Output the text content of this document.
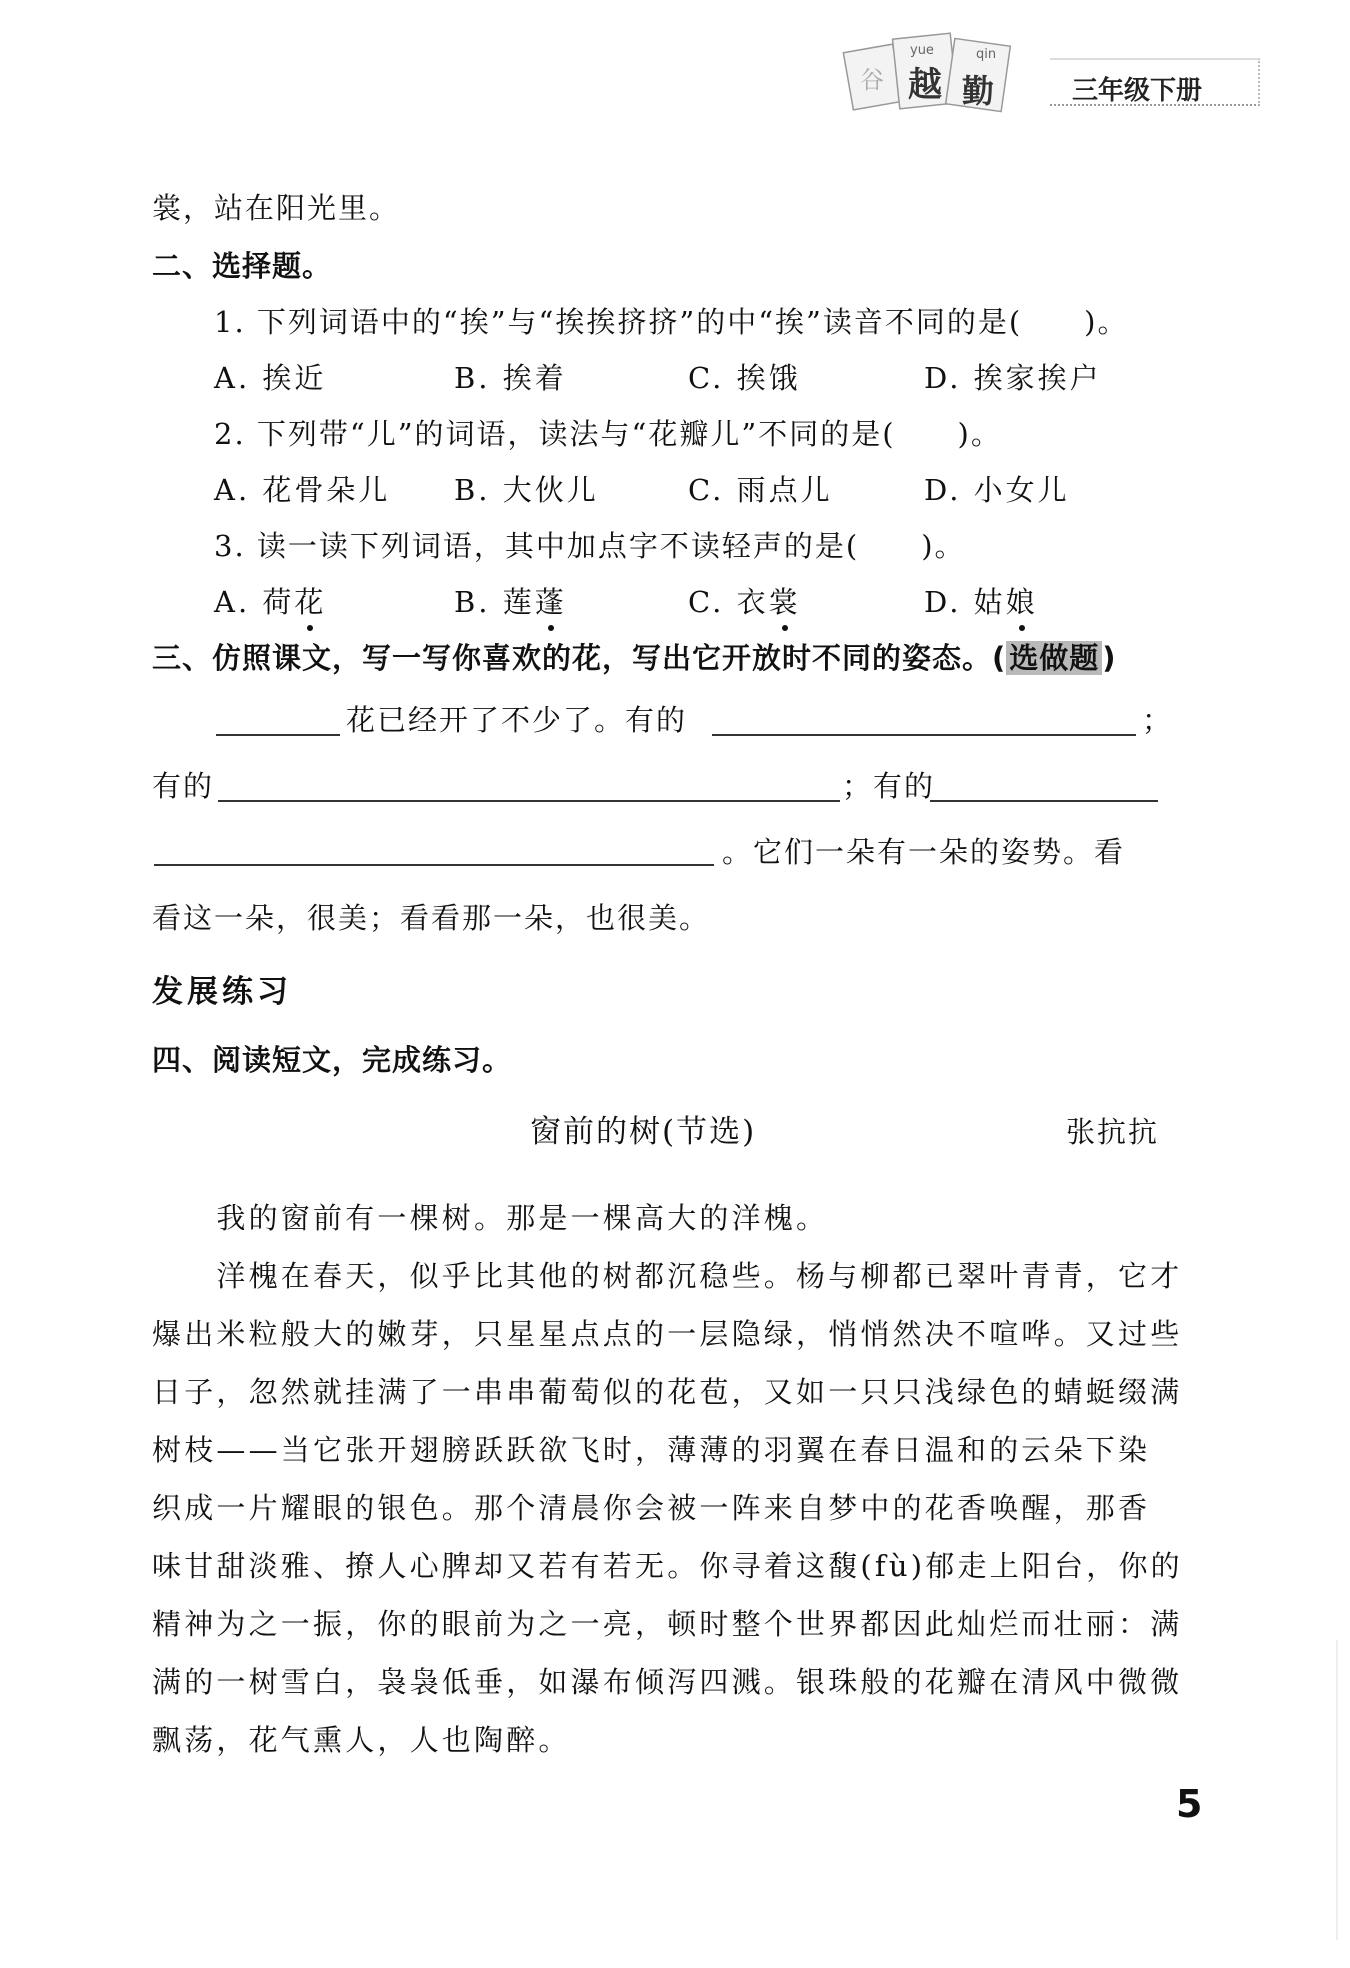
谷
yue
越
qin
勤	三年级下册
裳，站在阳光里。
二、选择题。
1. 下列词语中的“挨”与“挨挨挤挤”的中“挨”读音不同的是(　　)。
A. 挨近	B. 挨着	C. 挨饿	D. 挨家挨户
2. 下列带“儿”的词语，读法与“花瓣儿”不同的是(　　)。
A. 花骨朵儿 B. 大伙儿	C. 雨点儿	D. 小女儿
3. 读一读下列词语，其中加点字不读轻声的是(　　)。
A. 荷花	B. 莲蓬	C. 衣裳	D. 姑娘
三、仿照课文，写一写你喜欢的花，写出它开放时不同的姿态。( 选做题 )
花已经开了不少了。有的	；
有的	；有的
。它们一朵有一朵的姿势。看
看这一朵，很美；看看那一朵，也很美。
发展练习
四、阅读短文，完成练习。
窗前的树(节选)	张抗抗
　　我的窗前有一棵树。那是一棵高大的洋槐。
　　洋槐在春天，似乎比其他的树都沉稳些。杨与柳都已翠叶青青，它才
爆出米粒般大的嫩芽，只星星点点的一层隐绿，悄悄然决不喧哗。又过些
日子，忽然就挂满了一串串葡萄似的花苞，又如一只只浅绿色的蜻蜓缀满
树枝——当它张开翅膀跃跃欲飞时，薄薄的羽翼在春日温和的云朵下染
织成一片耀眼的银色。那个清晨你会被一阵来自梦中的花香唤醒，那香
味甘甜淡雅、撩人心脾却又若有若无。你寻着这馥(fù)郁走上阳台，你的
精神为之一振，你的眼前为之一亮，顿时整个世界都因此灿烂而壮丽：满
满的一树雪白，袅袅低垂，如瀑布倾泻四溅。银珠般的花瓣在清风中微微
飘荡，花气熏人，人也陶醉。
5
